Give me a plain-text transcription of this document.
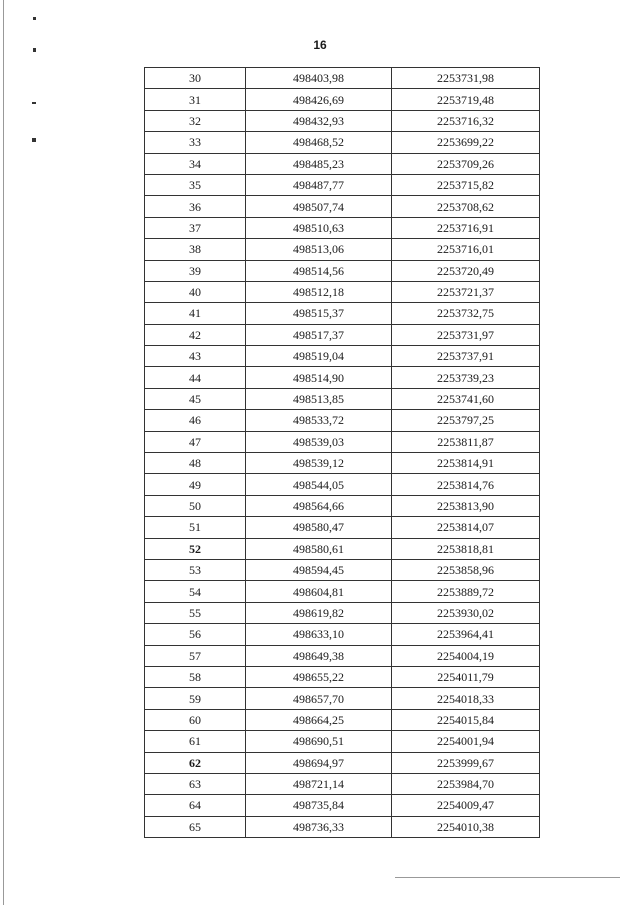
16
30	498403,98	2253731,98
31	498426,69	2253719,48
32	498432,93	2253716,32
33	498468,52	2253699,22
34	498485,23	2253709,26
35	498487,77	2253715,82
36	498507,74	2253708,62
37	498510,63	2253716,91
38	498513,06	2253716,01
39	498514,56	2253720,49
40	498512,18	2253721,37
41	498515,37	2253732,75
42	498517,37	2253731,97
43	498519,04	2253737,91
44	498514,90	2253739,23
45	498513,85	2253741,60
46	498533,72	2253797,25
47	498539,03	2253811,87
48	498539,12	2253814,91
49	498544,05	2253814,76
50	498564,66	2253813,90
51	498580,47	2253814,07
52	498580,61	2253818,81
53	498594,45	2253858,96
54	498604,81	2253889,72
55	498619,82	2253930,02
56	498633,10	2253964,41
57	498649,38	2254004,19
58	498655,22	2254011,79
59	498657,70	2254018,33
60	498664,25	2254015,84
61	498690,51	2254001,94
62	498694,97	2253999,67
63	498721,14	2253984,70
64	498735,84	2254009,47
65	498736,33	2254010,38
